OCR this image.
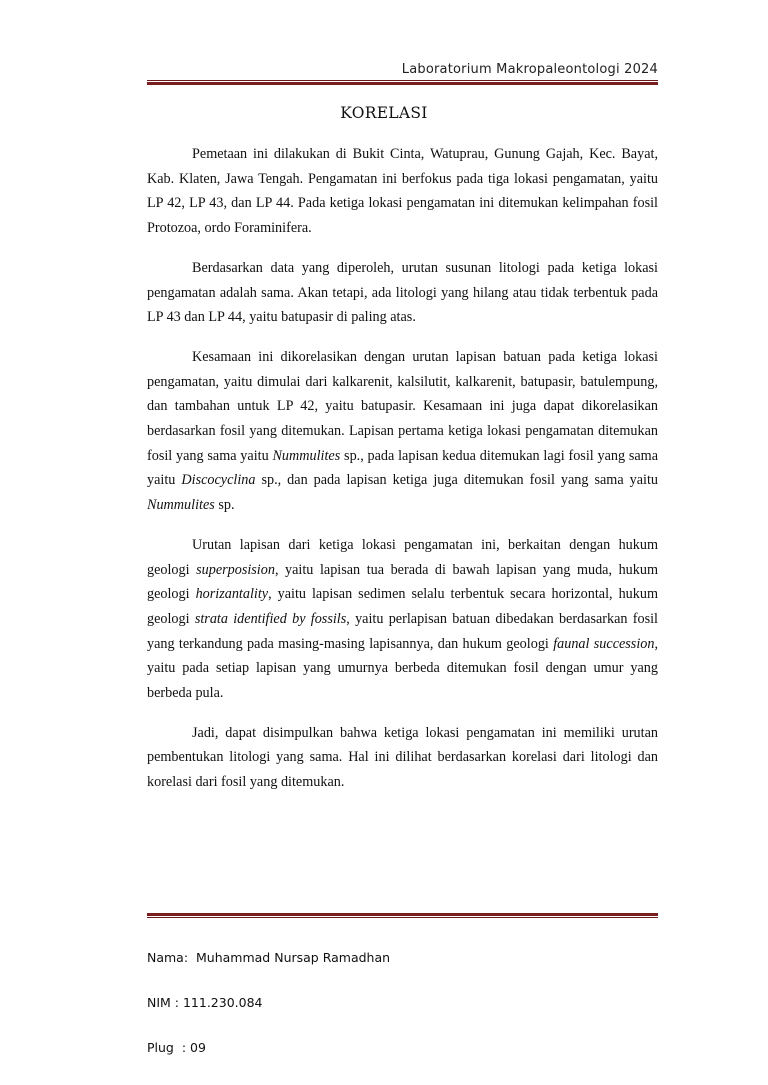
Laboratorium Makropaleontologi 2024
KORELASI

Pemetaan ini dilakukan di Bukit Cinta, Watuprau, Gunung Gajah, Kec. Bayat, Kab. Klaten, Jawa Tengah. Pengamatan ini berfokus pada tiga lokasi pengamatan, yaitu LP 42, LP 43, dan LP 44. Pada ketiga lokasi pengamatan ini ditemukan kelimpahan fosil Protozoa, ordo Foraminifera.

Berdasarkan data yang diperoleh, urutan susunan litologi pada ketiga lokasi pengamatan adalah sama. Akan tetapi, ada litologi yang hilang atau tidak terbentuk pada LP 43 dan LP 44, yaitu batupasir di paling atas.

Kesamaan ini dikorelasikan dengan urutan lapisan batuan pada ketiga lokasi pengamatan, yaitu dimulai dari kalkarenit, kalsilutit, kalkarenit, batupasir, batulempung, dan tambahan untuk LP 42, yaitu batupasir. Kesamaan ini juga dapat dikorelasikan berdasarkan fosil yang ditemukan. Lapisan pertama ketiga lokasi pengamatan ditemukan fosil yang sama yaitu Nummulites sp., pada lapisan kedua ditemukan lagi fosil yang sama yaitu Discocyclina sp., dan pada lapisan ketiga juga ditemukan fosil yang sama yaitu Nummulites sp.

Urutan lapisan dari ketiga lokasi pengamatan ini, berkaitan dengan hukum geologi superposision, yaitu lapisan tua berada di bawah lapisan yang muda, hukum geologi horizantality, yaitu lapisan sedimen selalu terbentuk secara horizontal, hukum geologi strata identified by fossils, yaitu perlapisan batuan dibedakan berdasarkan fosil yang terkandung pada masing-masing lapisannya, dan hukum geologi faunal succession, yaitu pada setiap lapisan yang umurnya berbeda ditemukan fosil dengan umur yang berbeda pula.

Jadi, dapat disimpulkan bahwa ketiga lokasi pengamatan ini memiliki urutan pembentukan litologi yang sama. Hal ini dilihat berdasarkan korelasi dari litologi dan korelasi dari fosil yang ditemukan.

Nama:  Muhammad Nursap Ramadhan

NIM : 111.230.084

Plug  : 09
